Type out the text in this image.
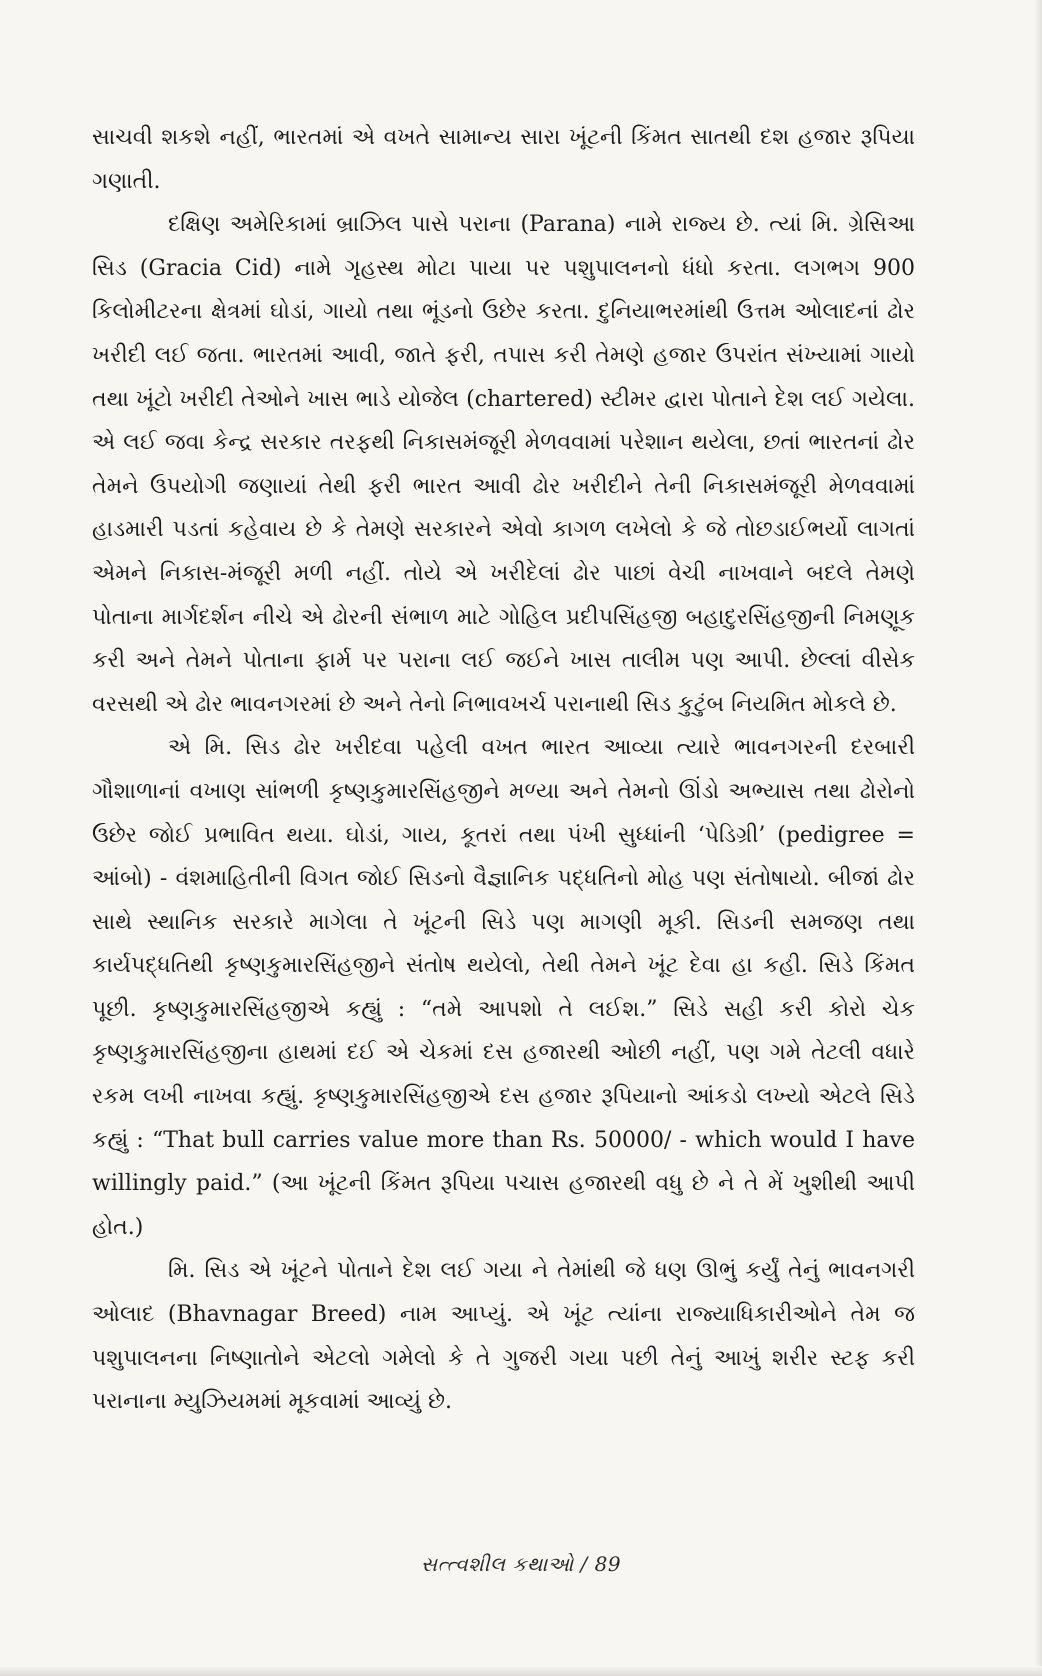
સાચવી શકશે નહીં, ભારતમાં એ વખતે સામાન્ય સારા ખૂંટની કિંમત સાતથી દશ હજાર રૂપિયા ગણાતી.

દક્ષિણ અમેરિકામાં બ્રાઝિલ પાસે પરાના (Parana) નામે રાજ્ય છે. ત્યાં મિ. ગ્રેસિઆ સિડ (Gracia Cid) નામે ગૃહસ્થ મોટા પાયા પર પશુપાલનનો ધંધો કરતા. લગભગ 900 કિલોમીટરના ક્ષેત્રમાં ઘોડાં, ગાયો તથા ભૂંડનો ઉછેર કરતા. દુનિયાભરમાંથી ઉત્તમ ઓલાદનાં ઢોર ખરીદી લઈ જતા. ભારતમાં આવી, જાતે ફરી, તપાસ કરી તેમણે હજાર ઉપરાંત સંખ્યામાં ગાયો તથા ખૂંટો ખરીદી તેઓને ખાસ ભાડે યોજેલ (chartered) સ્ટીમર દ્વારા પોતાને દેશ લઈ ગયેલા. એ લઈ જવા કેન્દ્ર સરકાર તરફથી નિકાસમંજૂરી મેળવવામાં પરેશાન થયેલા, છતાં ભારતનાં ઢોર તેમને ઉપયોગી જણાયાં તેથી ફરી ભારત આવી ઢોર ખરીદીને તેની નિકાસમંજૂરી મેળવવામાં હાડમારી પડતાં કહેવાય છે કે તેમણે સરકારને એવો કાગળ લખેલો કે જે તોછડાઈભર્યો લાગતાં એમને નિકાસ-મંજૂરી મળી નહીં. તોયે એ ખરીદેલાં ઢોર પાછાં વેચી નાખવાને બદલે તેમણે પોતાના માર્ગદર્શન નીચે એ ઢોરની સંભાળ માટે ગોહિલ પ્રદીપસિંહજી બહાદુરસિંહજીની નિમણૂક કરી અને તેમને પોતાના ફાર્મ પર પરાના લઈ જઈને ખાસ તાલીમ પણ આપી. છેલ્લાં વીસેક વરસથી એ ઢોર ભાવનગરમાં છે અને તેનો નિભાવખર્ચ પરાનાથી સિડ કુટુંબ નિયમિત મોકલે છે.

એ મિ. સિડ ઢોર ખરીદવા પહેલી વખત ભારત આવ્યા ત્યારે ભાવનગરની દરબારી ગૌશાળાનાં વખાણ સાંભળી કૃષ્ણકુમારસિંહજીને મળ્યા અને તેમનો ઊંડો અભ્યાસ તથા ઢોરોનો ઉછેર જોઈ પ્રભાવિત થયા. ઘોડાં, ગાય, કૂતરાં તથા પંખી સુધ્ધાંની ‘પેડિગ્રી’ (pedigree = આંબો) - વંશમાહિતીની વિગત જોઈ સિડનો વૈજ્ઞાનિક પદ્ધતિનો મોહ પણ સંતોષાયો. બીજાં ઢોર સાથે સ્થાનિક સરકારે માગેલા તે ખૂંટની સિડે પણ માગણી મૂકી. સિડની સમજણ તથા કાર્યપદ્ધતિથી કૃષ્ણકુમારસિંહજીને સંતોષ થયેલો, તેથી તેમને ખૂંટ દેવા હા કહી. સિડે કિંમત પૂછી. કૃષ્ણકુમારસિંહજીએ કહ્યું : “તમે આપશો તે લઈશ.” સિડે સહી કરી કોરો ચેક કૃષ્ણકુમારસિંહજીના હાથમાં દઈ એ ચેકમાં દસ હજારથી ઓછી નહીં, પણ ગમે તેટલી વધારે રકમ લખી નાખવા કહ્યું. કૃષ્ણકુમારસિંહજીએ દસ હજાર રૂપિયાનો આંકડો લખ્યો એટલે સિડે કહ્યું : “That bull carries value more than Rs. 50000/ - which would I have willingly paid.” (આ ખૂંટની કિંમત રૂપિયા પચાસ હજારથી વધુ છે ને તે મેં ખુશીથી આપી હોત.)

મિ. સિડ એ ખૂંટને પોતાને દેશ લઈ ગયા ને તેમાંથી જે ધણ ઊભું કર્યું તેનું ભાવનગરી ઓલાદ (Bhavnagar Breed) નામ આપ્યું. એ ખૂંટ ત્યાંના રાજ્યાધિકારીઓને તેમ જ પશુપાલનના નિષ્ણાતોને એટલો ગમેલો કે તે ગુજરી ગયા પછી તેનું આખું શરીર સ્ટફ કરી પરાનાના મ્યુઝિયમમાં મૂકવામાં આવ્યું છે.

સત્ત્વશીલ કથાઓ / 89
